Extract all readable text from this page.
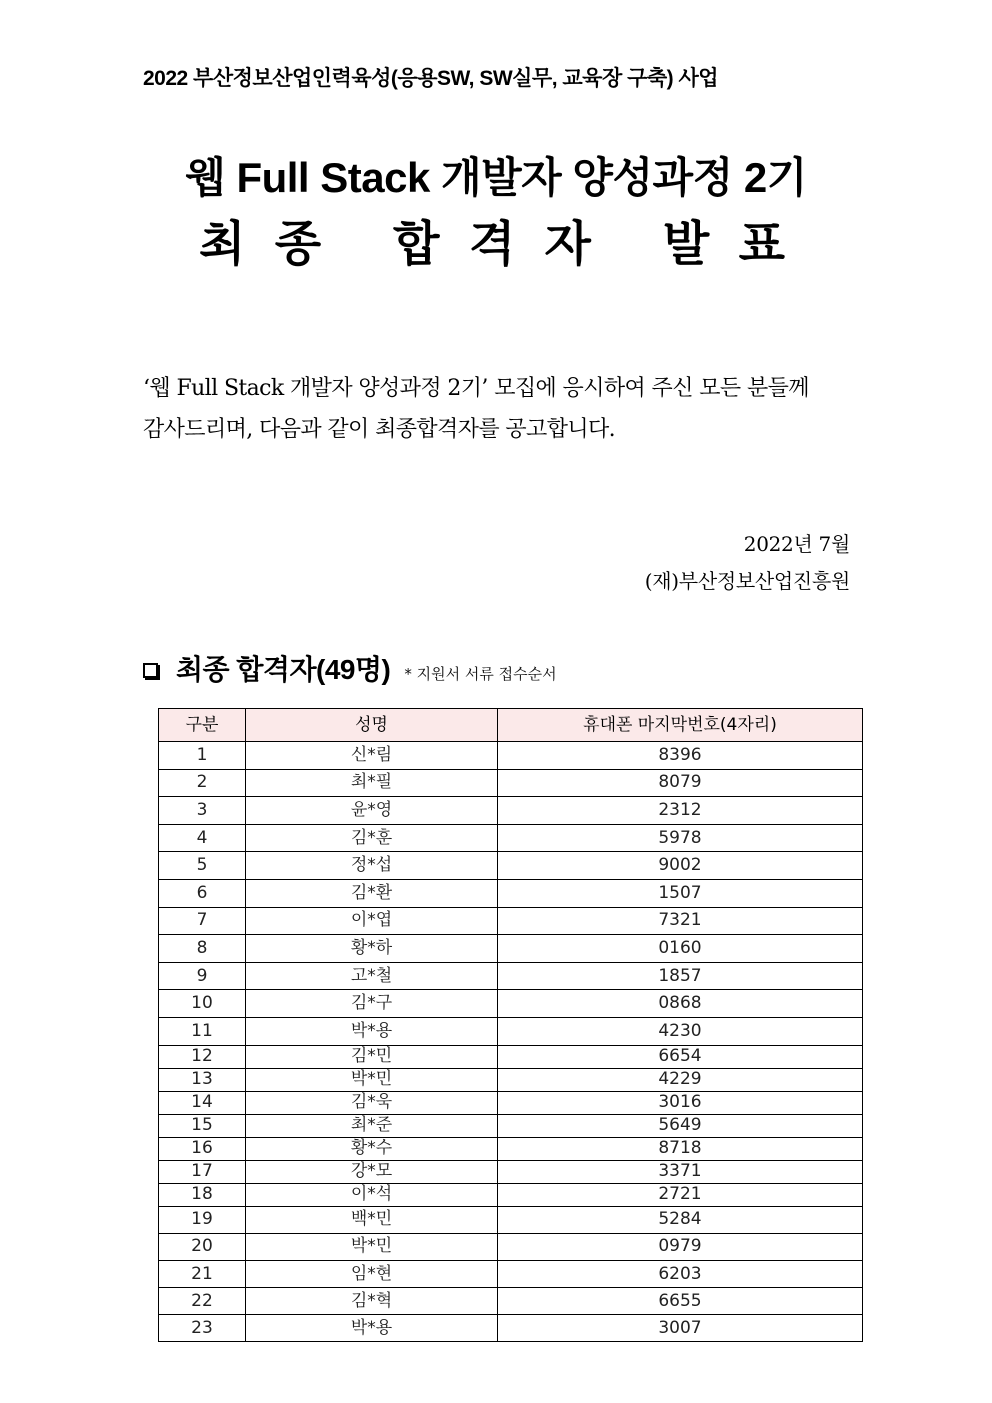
2022 부산정보산업인력육성(응용SW, SW실무, 교육장 구축) 사업
웹 Full Stack 개발자 양성과정 2기
최 종   합 격 자   발 표
‘웹 Full Stack 개발자 양성과정 2기’ 모집에 응시하여 주신 모든 분들께
감사드리며, 다음과 같이 최종합격자를 공고합니다.
2022년 7월
(재)부산정보산업진흥원
최종 합격자(49명) * 지원서 서류 접수순서
구분	성명	휴대폰 마지막번호(4자리)
1	신*림	8396
2	최*필	8079
3	윤*영	2312
4	김*훈	5978
5	정*섭	9002
6	김*환	1507
7	이*엽	7321
8	황*하	0160
9	고*철	1857
10	김*구	0868
11	박*용	4230
12	김*민	6654
13	박*민	4229
14	김*욱	3016
15	최*준	5649
16	황*수	8718
17	강*모	3371
18	이*석	2721
19	백*민	5284
20	박*민	0979
21	임*현	6203
22	김*혁	6655
23	박*용	3007
